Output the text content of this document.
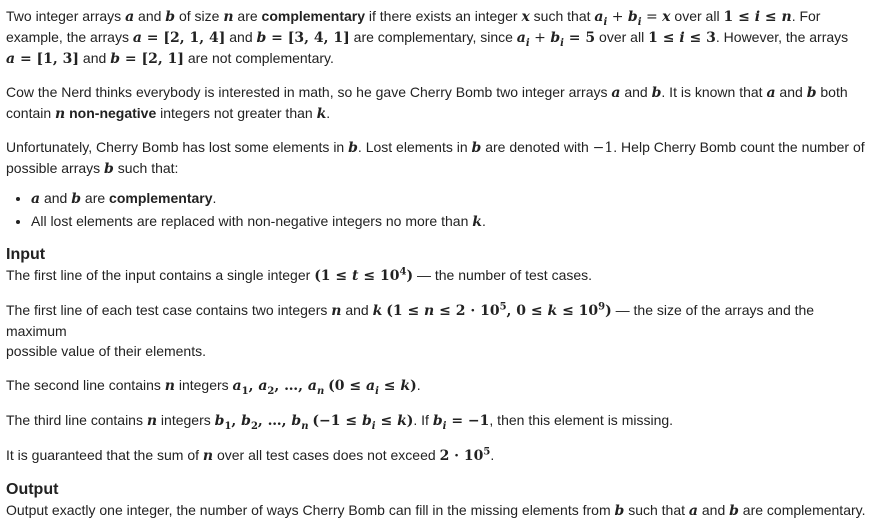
Two integer arrays a and b of size n are complementary if there exists an integer x such that $a_i + b_i = x$ over all 1 ≤ i ≤ n. For
example, the arrays a = [2, 1, 4] and b = [3, 4, 1] are complementary, since $a_i + b_i = 5$ over all 1 ≤ i ≤ 3. However, the arrays
a = [1, 3] and b = [2, 1] are not complementary.

Cow the Nerd thinks everybody is interested in math, so he gave Cherry Bomb two integer arrays a and b. It is known that a and b both
contain n non-negative integers not greater than k.

Unfortunately, Cherry Bomb has lost some elements in b. Lost elements in b are denoted with −1. Help Cherry Bomb count the number of
possible arrays b such that:

• a and b are complementary.
• All lost elements are replaced with non-negative integers no more than k.
Input

The first line of the input contains a single integer $(1 \le t \le 10^4)$ — the number of test cases.

The first line of each test case contains two integers n and k ($1 \le n \le 2 \cdot 10^5$, $0 \le k \le 10^9$) — the size of the arrays and the maximum
possible value of their elements.

The second line contains n integers $a_1$, $a_2$, …, $a_n$ $(0 \le a_i \le k)$.

The third line contains n integers $b_1$, $b_2$, …, $b_n$ $(-1 \le b_i \le k)$. If $b_i = -1$, then this element is missing.

It is guaranteed that the sum of n over all test cases does not exceed $2 \cdot 10^5$.

Output

Output exactly one integer, the number of ways Cherry Bomb can fill in the missing elements from b such that a and b are complementary.
